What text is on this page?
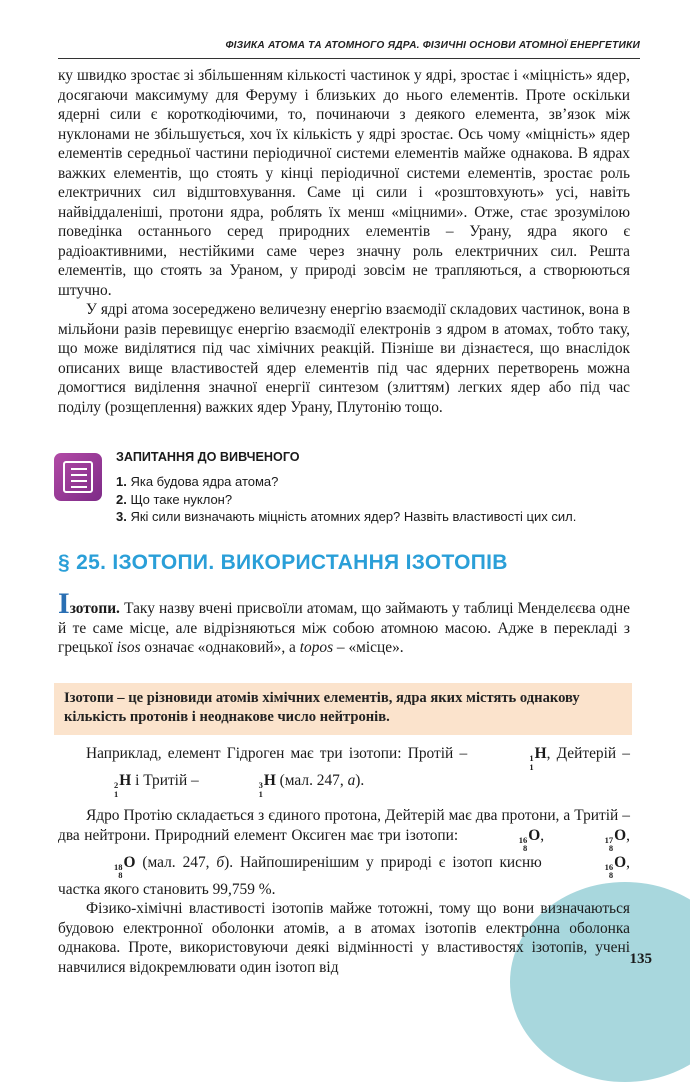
ФІЗИКА АТОМА ТА АТОМНОГО ЯДРА. ФІЗИЧНІ ОСНОВИ АТОМНОЇ ЕНЕРГЕТИКИ

ку швидко зростає зі збільшенням кількості частинок у ядрі, зростає і «міцність» ядер, досягаючи максимуму для Феруму і близьких до нього елементів. Проте оскільки ядерні сили є короткодіючими, то, починаючи з деякого елемента, зв’язок між нуклонами не збільшується, хоч їх кількість у ядрі зростає. Ось чому «міцність» ядер елементів середньої частини періодичної системи елементів майже однакова. В ядрах важких елементів, що стоять у кінці періодичної системи елементів, зростає роль електричних сил відштовхування. Саме ці сили і «розштовхують» усі, навіть найвіддаленіші, протони ядра, роблять їх менш «міцними». Отже, стає зрозумілою поведінка останнього серед природних елементів – Урану, ядра якого є радіоактивними, нестійкими саме через значну роль електричних сил. Решта елементів, що стоять за Ураном, у природі зовсім не трапляються, а створюються штучно.

У ядрі атома зосереджено величезну енергію взаємодії складових частинок, вона в мільйони разів перевищує енергію взаємодії електронів з ядром в атомах, тобто таку, що може виділятися під час хімічних реакцій. Пізніше ви дізнаєтеся, що внаслідок описаних вище властивостей ядер елементів під час ядерних перетворень можна домогтися виділення значної енергії синтезом (злиттям) легких ядер або під час поділу (розщеплення) важких ядер Урану, Плутонію тощо.

ЗАПИТАННЯ ДО ВИВЧЕНОГО
1. Яка будова ядра атома?
2. Що таке нуклон?
3. Які сили визначають міцність атомних ядер? Назвіть властивості цих сил.
§ 25. ІЗОТОПИ. ВИКОРИСТАННЯ ІЗОТОПІВ

Ізотопи. Таку назву вчені присвоїли атомам, що займають у таблиці Менделєєва одне й те саме місце, але відрізняються між собою атомною масою. Адже в перекладі з грецької isos означає «однаковий», а topos – «місце».

Ізотопи – це різновиди атомів хімічних елементів, ядра яких містять однакову кількість протонів і неоднакове число нейтронів.

Наприклад, елемент Гідроген має три ізотопи: Протій –	1
1
H, Дейтерій –
2
1
H і Тритій –	3
1
H (мал. 247, а).

Ядро Протію складається з єдиного протона, Дейтерій має два протони, а Тритій – два нейтрони. Природний елемент Оксиген має три ізотопи:	16
8
O,	17
8
O,
18
8
O (мал. 247, б). Найпоширенішим у природі є ізотоп кисню	16
8
O, частка якого становить 99,759 %.

Фізико-хімічні властивості ізотопів майже тотожні, тому що вони визначаються будовою електронної оболонки атомів, а в атомах ізотопів електронна оболонка однакова. Проте, використовуючи деякі відмінності у властивостях ізотопів, учені навчилися відокремлювати один ізотоп від	135
